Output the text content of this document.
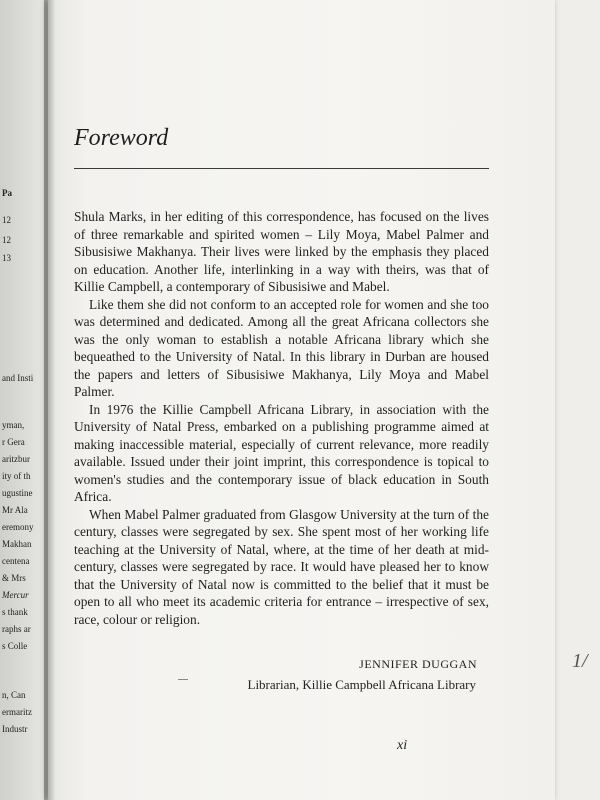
Pa
12
12
13
and Insti
yman,
r Gera
aritzbur
ity of th
ugustine
Mr Ala
eremony
Makhan
centena
& Mrs
Mercur
s thank
raphs ar
s Colle
n, Can
ermaritz
Industr
Foreword

Shula Marks, in her editing of this correspondence, has focused on the lives of three remarkable and spirited women – Lily Moya, Mabel Palmer and Sibusisiwe Makhanya. Their lives were linked by the emphasis they placed on education. Another life, interlinking in a way with theirs, was that of Killie Campbell, a contemporary of Sibusisiwe and Mabel.

Like them she did not conform to an accepted role for women and she too was determined and dedicated. Among all the great Africana collectors she was the only woman to establish a notable Africana library which she bequeathed to the University of Natal. In this library in Durban are housed the papers and letters of Sibusisiwe Makhanya, Lily Moya and Mabel Palmer.

In 1976 the Killie Campbell Africana Library, in association with the University of Natal Press, embarked on a publishing programme aimed at making inaccessible material, especially of current relevance, more readily available. Issued under their joint imprint, this correspondence is topical to women's studies and the contemporary issue of black education in South Africa.

When Mabel Palmer graduated from Glasgow University at the turn of the century, classes were segregated by sex. She spent most of her working life teaching at the University of Natal, where, at the time of her death at mid-century, classes were segregated by race. It would have pleased her to know that the University of Natal now is committed to the belief that it must be open to all who meet its academic criteria for entrance – irrespective of sex, race, colour or religion.

JENNIFER DUGGAN
Librarian, Killie Campbell Africana Library
xi
1/
